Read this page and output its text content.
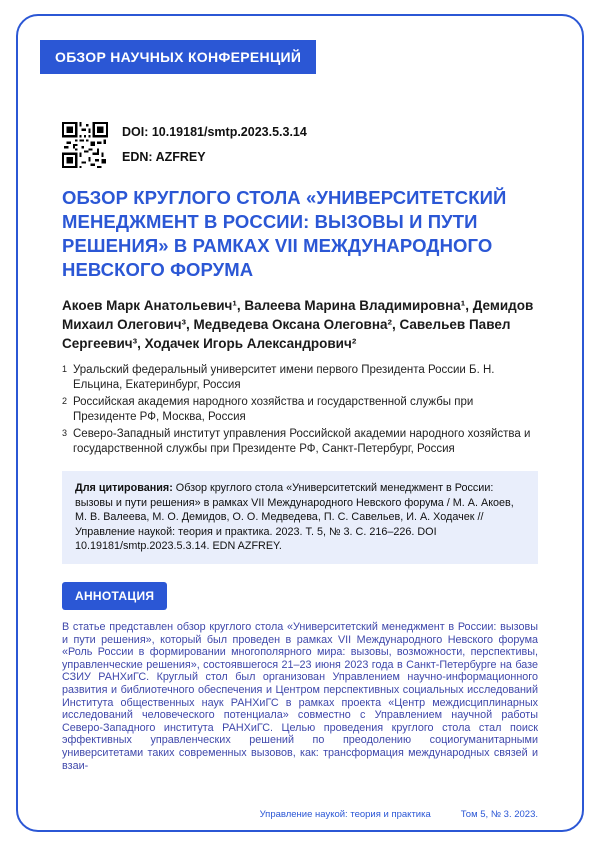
ОБЗОР НАУЧНЫХ КОНФЕРЕНЦИЙ
DOI: 10.19181/smtp.2023.5.3.14
EDN: AZFREY
ОБЗОР КРУГЛОГО СТОЛА «УНИВЕРСИТЕТСКИЙ МЕНЕДЖМЕНТ В РОССИИ: ВЫЗОВЫ И ПУТИ РЕШЕНИЯ» В РАМКАХ VII МЕЖДУНАРОДНОГО НЕВСКОГО ФОРУМА
Акоев Марк Анатольевич¹, Валеева Марина Владимировна¹, Демидов Михаил Олегович³, Медведева Оксана Олеговна², Савельев Павел Сергеевич³, Ходачек Игорь Александрович²
1 Уральский федеральный университет имени первого Президента России Б. Н. Ельцина, Екатеринбург, Россия
2 Российская академия народного хозяйства и государственной службы при Президенте РФ, Москва, Россия
3 Северо-Западный институт управления Российской академии народного хозяйства и государственной службы при Президенте РФ, Санкт-Петербург, Россия
Для цитирования: Обзор круглого стола «Университетский менеджмент в России: вызовы и пути решения» в рамках VII Международного Невского форума / М. А. Акоев, М. В. Валеева, М. О. Демидов, О. О. Медведева, П. С. Савельев, И. А. Ходачек // Управление наукой: теория и практика. 2023. Т. 5, № 3. С. 216–226. DOI 10.19181/smtp.2023.5.3.14. EDN AZFREY.
АННОТАЦИЯ

В статье представлен обзор круглого стола «Университетский менеджмент в России: вызовы и пути решения», который был проведен в рамках VII Международного Невского форума «Роль России в формировании многополярного мира: вызовы, возможности, перспективы, управленческие решения», состоявшегося 21–23 июня 2023 года в Санкт-Петербурге на базе СЗИУ РАНХиГС. Круглый стол был организован Управлением научно-информационного развития и библиотечного обеспечения и Центром перспективных социальных исследований Института общественных наук РАНХиГС в рамках проекта «Центр междисциплинарных исследований человеческого потенциала» совместно с Управлением научной работы Северо-Западного института РАНХиГС. Целью проведения круглого стола стал поиск эффективных управленческих решений по преодолению социогуманитарными университетами таких современных вызовов, как: трансформация международных связей и взаи-

Управление наукой: теория и практика	Том 5, № 3. 2023.
